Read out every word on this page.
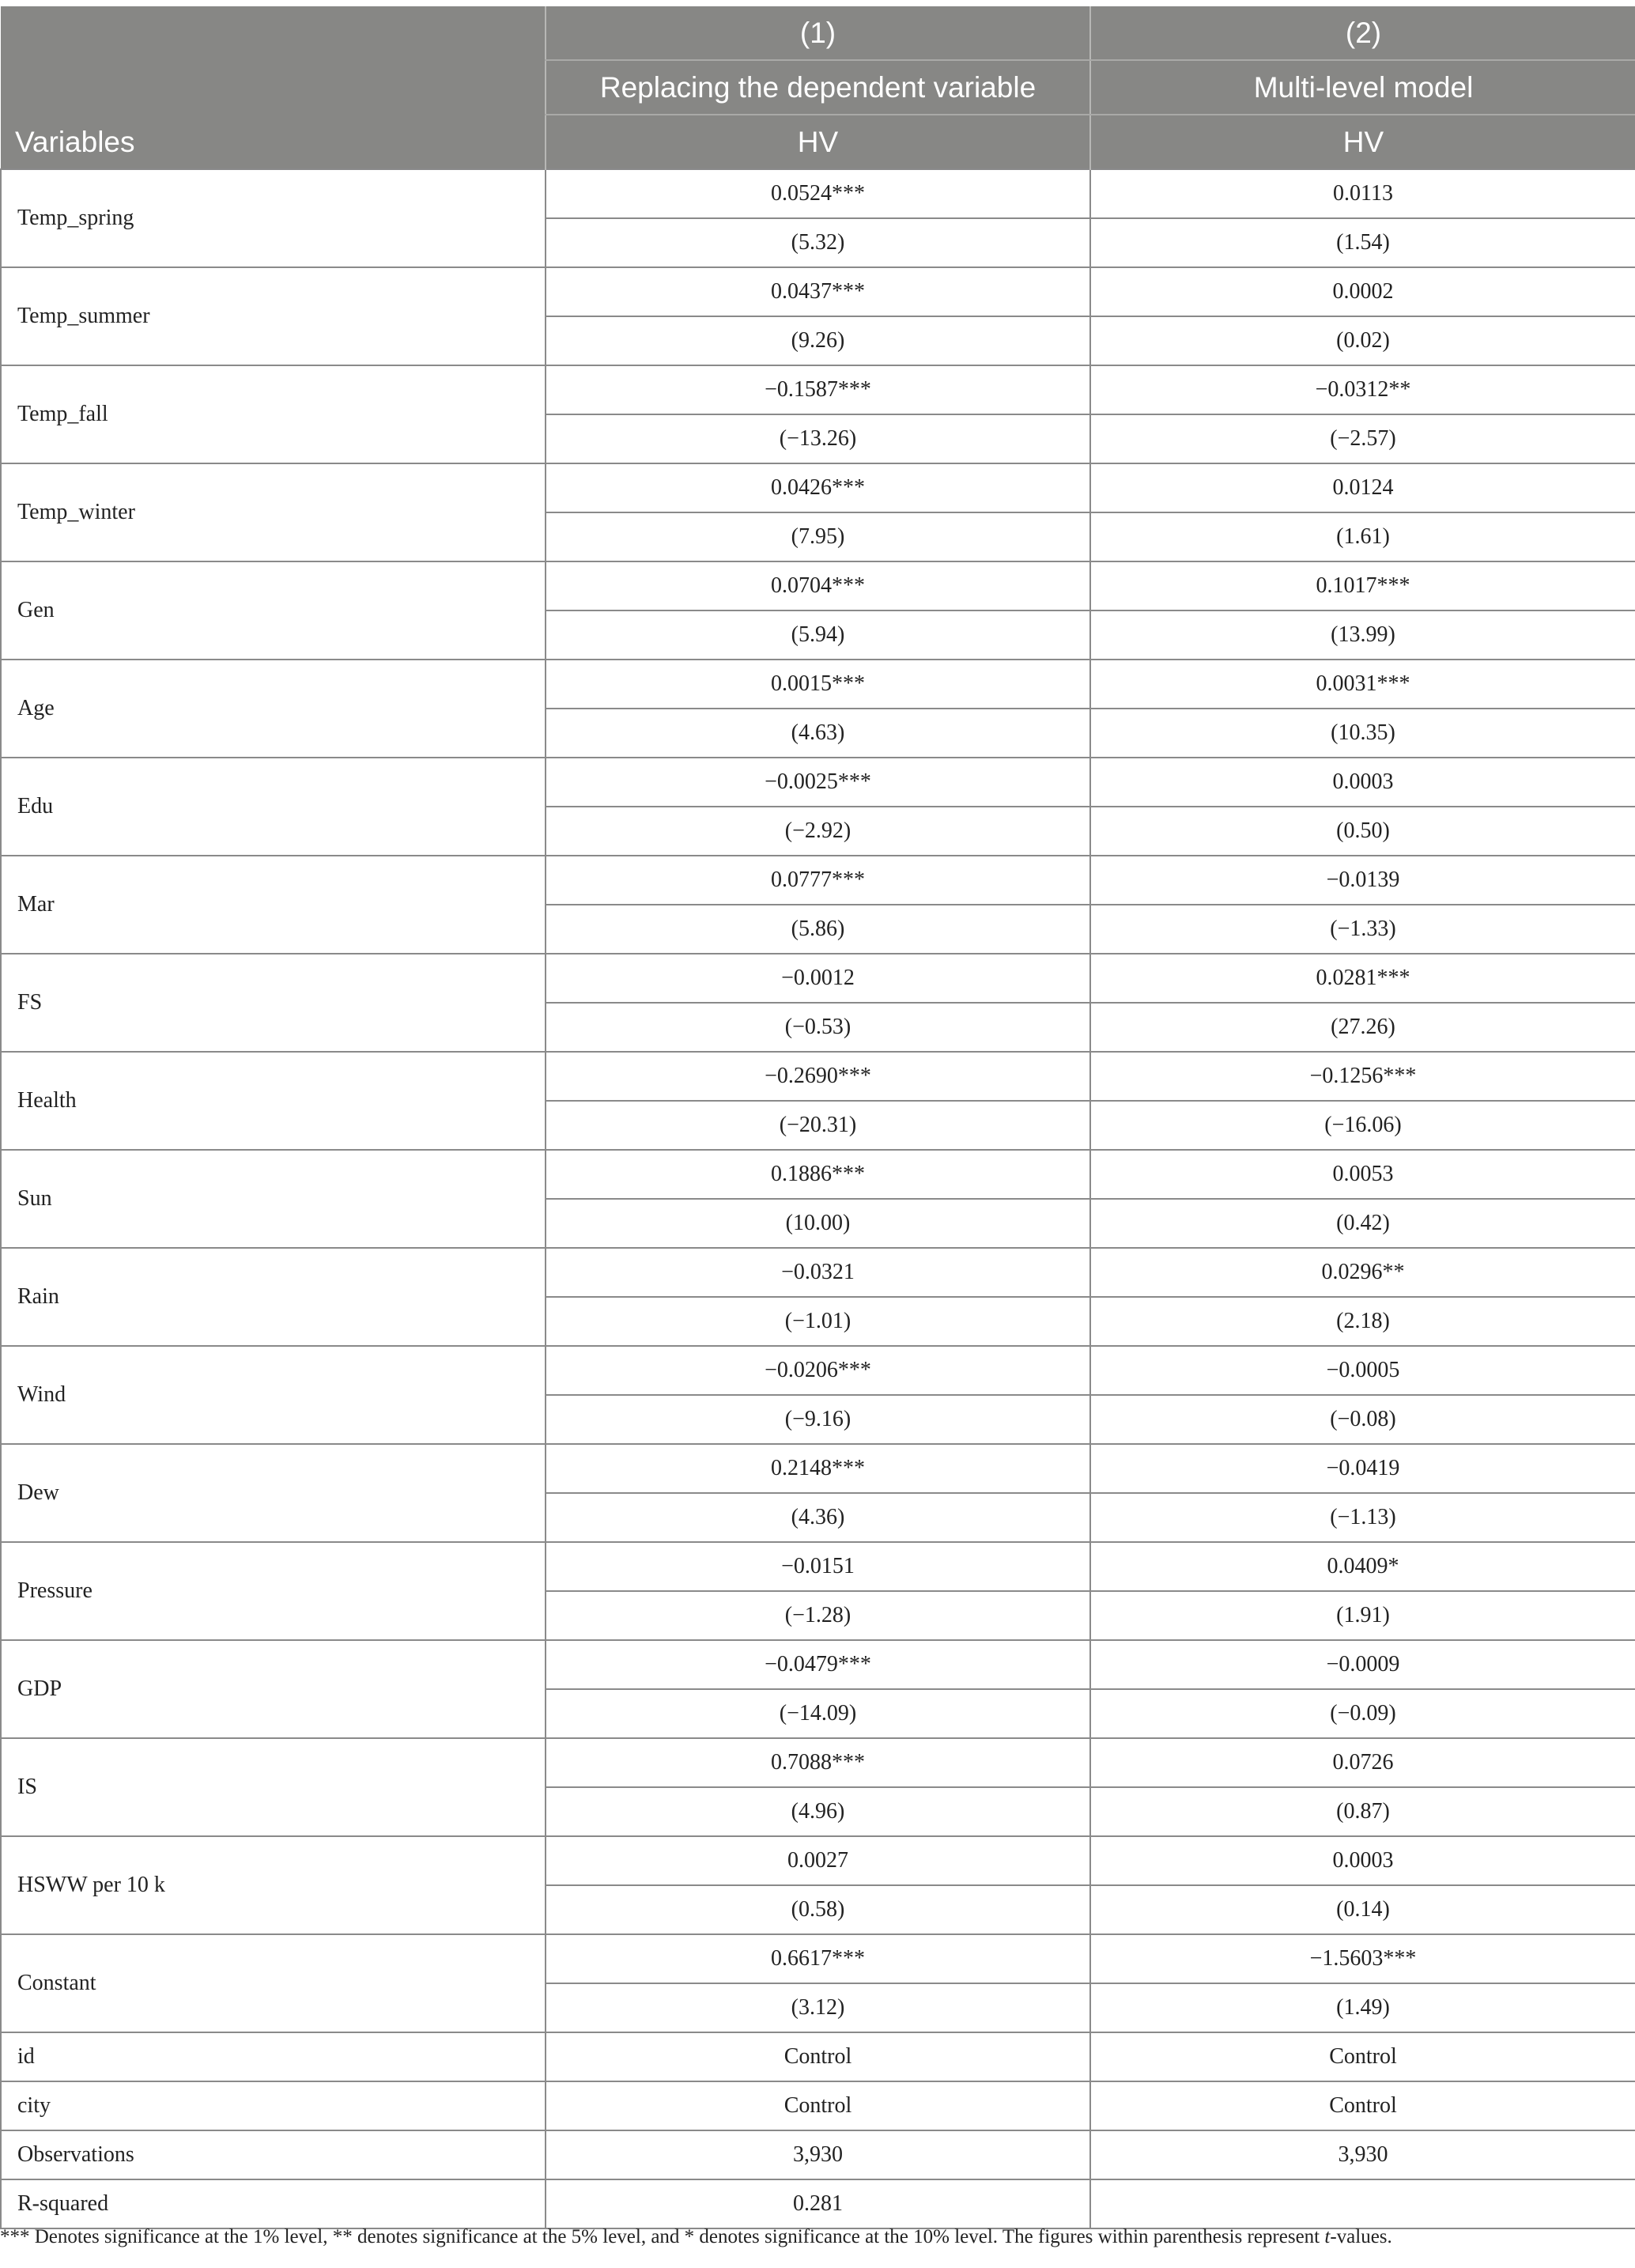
Variables	(1)	(2)
	Replacing the dependent variable	Multi-level model
	HV	HV
Temp_spring	0.0524***	0.0113
	(5.32)	(1.54)
Temp_summer	0.0437***	0.0002
	(9.26)	(0.02)
Temp_fall	−0.1587***	−0.0312**
	(−13.26)	(−2.57)
Temp_winter	0.0426***	0.0124
	(7.95)	(1.61)
Gen	0.0704***	0.1017***
	(5.94)	(13.99)
Age	0.0015***	0.0031***
	(4.63)	(10.35)
Edu	−0.0025***	0.0003
	(−2.92)	(0.50)
Mar	0.0777***	−0.0139
	(5.86)	(−1.33)
FS	−0.0012	0.0281***
	(−0.53)	(27.26)
Health	−0.2690***	−0.1256***
	(−20.31)	(−16.06)
Sun	0.1886***	0.0053
	(10.00)	(0.42)
Rain	−0.0321	0.0296**
	(−1.01)	(2.18)
Wind	−0.0206***	−0.0005
	(−9.16)	(−0.08)
Dew	0.2148***	−0.0419
	(4.36)	(−1.13)
Pressure	−0.0151	0.0409*
	(−1.28)	(1.91)
GDP	−0.0479***	−0.0009
	(−14.09)	(−0.09)
IS	0.7088***	0.0726
	(4.96)	(0.87)
HSWW per 10 k	0.0027	0.0003
	(0.58)	(0.14)
Constant	0.6617***	−1.5603***
	(3.12)	(1.49)
id	Control	Control
city	Control	Control
Observations	3,930	3,930
R-squared	0.281	
*** Denotes significance at the 1% level, ** denotes significance at the 5% level, and * denotes significance at the 10% level. The figures within parenthesis represent t-values.
